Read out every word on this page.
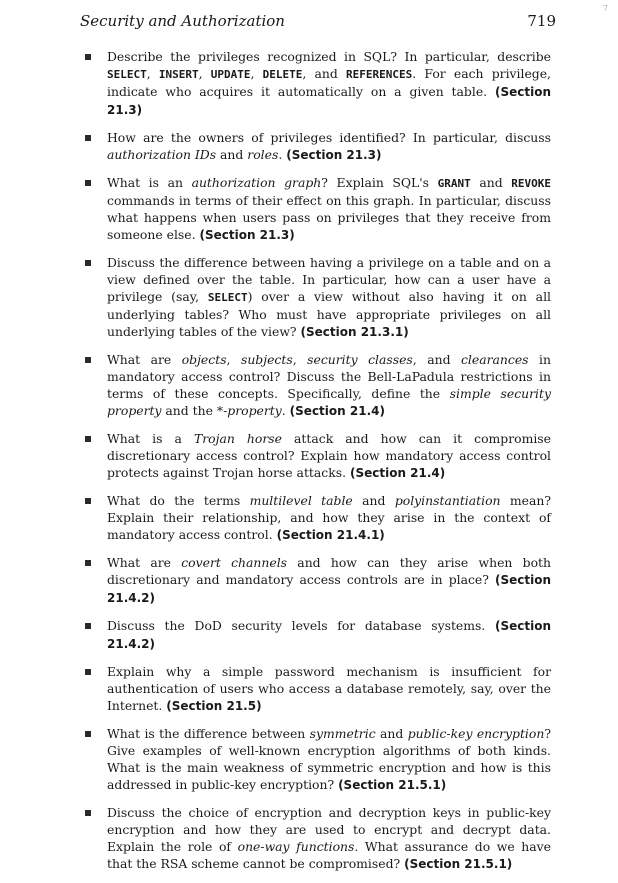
Security and Authorization	719
7
Describe the privileges recognized in SQL? In particular, describe SELECT, INSERT, UPDATE, DELETE, and REFERENCES. For each privilege, indicate who acquires it automatically on a given table. (Section 21.3)
How are the owners of privileges identified? In particular, discuss authorization IDs and roles. (Section 21.3)
What is an authorization graph? Explain SQL's GRANT and REVOKE commands in terms of their effect on this graph. In particular, discuss what happens when users pass on privileges that they receive from someone else. (Section 21.3)
Discuss the difference between having a privilege on a table and on a view defined over the table. In particular, how can a user have a privilege (say, SELECT) over a view without also having it on all underlying tables? Who must have appropriate privileges on all underlying tables of the view? (Section 21.3.1)
What are objects, subjects, security classes, and clearances in mandatory access control? Discuss the Bell-LaPadula restrictions in terms of these concepts. Specifically, define the simple security property and the *-property. (Section 21.4)
What is a Trojan horse attack and how can it compromise discretionary access control? Explain how mandatory access control protects against Trojan horse attacks. (Section 21.4)
What do the terms multilevel table and polyinstantiation mean? Explain their relationship, and how they arise in the context of mandatory access control. (Section 21.4.1)
What are covert channels and how can they arise when both discretionary and mandatory access controls are in place? (Section 21.4.2)
Discuss the DoD security levels for database systems. (Section 21.4.2)
Explain why a simple password mechanism is insufficient for authentication of users who access a database remotely, say, over the Internet. (Section 21.5)
What is the difference between symmetric and public-key encryption? Give examples of well-known encryption algorithms of both kinds. What is the main weakness of symmetric encryption and how is this addressed in public-key encryption? (Section 21.5.1)
Discuss the choice of encryption and decryption keys in public-key encryption and how they are used to encrypt and decrypt data. Explain the role of one-way functions. What assurance do we have that the RSA scheme cannot be compromised? (Section 21.5.1)
